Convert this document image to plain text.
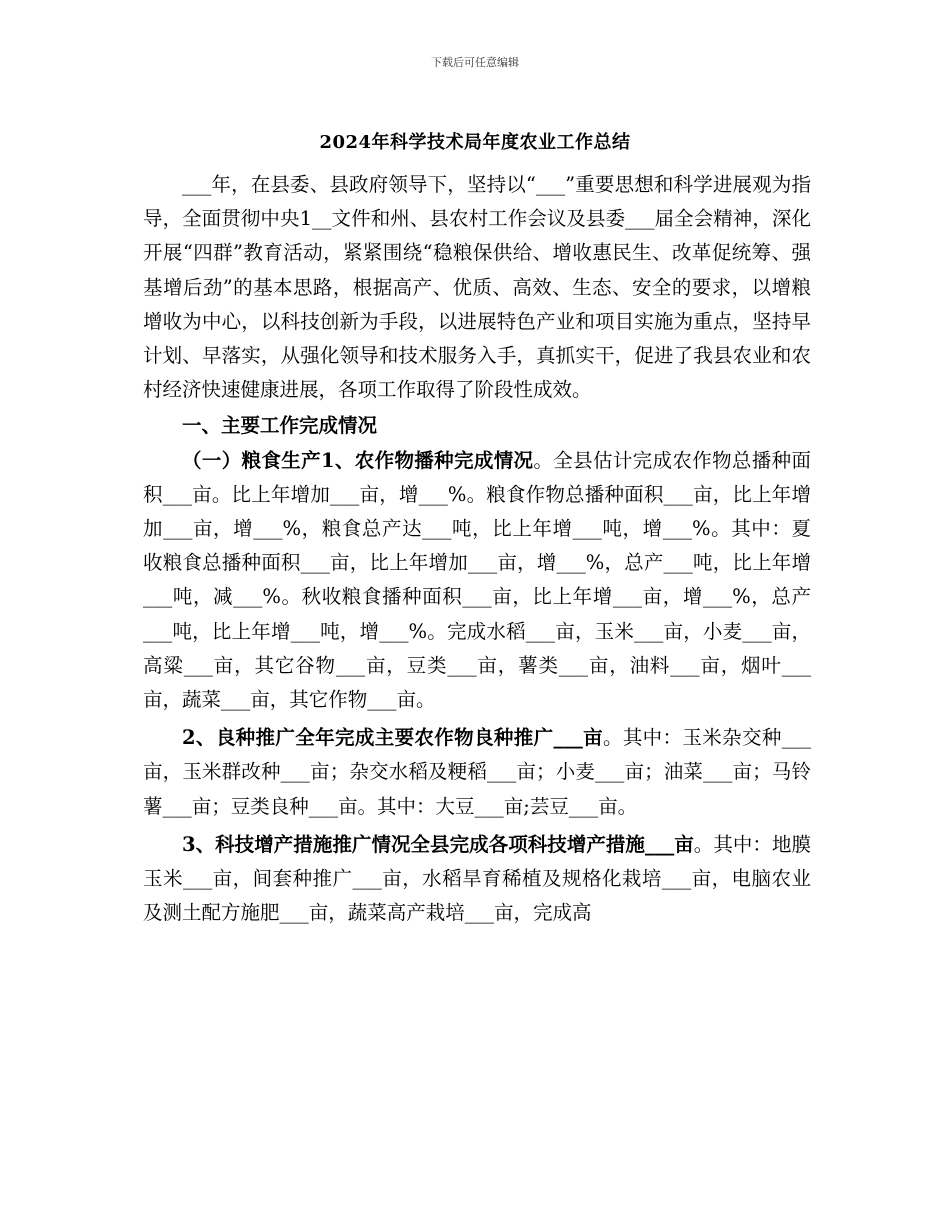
下载后可任意编辑
2024年科学技术局年度农业工作总结

___年，在县委、县政府领导下，坚持以“___”重要思想和科学进展观为指导，全面贯彻中央1__文件和州、县农村工作会议及县委___届全会精神，深化开展“四群”教育活动，紧紧围绕“稳粮保供给、增收惠民生、改革促统筹、强基增后劲”的基本思路，根据高产、优质、高效、生态、安全的要求，以增粮增收为中心，以科技创新为手段，以进展特色产业和项目实施为重点，坚持早计划、早落实，从强化领导和技术服务入手，真抓实干，促进了我县农业和农村经济快速健康进展，各项工作取得了阶段性成效。

一、主要工作完成情况

（一）粮食生产1、农作物播种完成情况。全县估计完成农作物总播种面积___亩。比上年增加___亩，增___%。粮食作物总播种面积___亩，比上年增加___亩，增___%，粮食总产达___吨，比上年增___吨，增___%。其中：夏收粮食总播种面积___亩，比上年增加___亩，增___%，总产___吨，比上年增___吨，减___%。秋收粮食播种面积___亩，比上年增___亩，增___%，总产___吨，比上年增___吨，增___%。完成水稻___亩，玉米___亩，小麦___亩，高粱___亩，其它谷物___亩，豆类___亩，薯类___亩，油料___亩，烟叶___亩，蔬菜___亩，其它作物___亩。

2、良种推广全年完成主要农作物良种推广___亩。其中：玉米杂交种___亩，玉米群改种___亩；杂交水稻及粳稻___亩；小麦___亩；油菜___亩；马铃薯___亩；豆类良种___亩。其中：大豆___亩;芸豆___亩。

3、科技增产措施推广情况全县完成各项科技增产措施___亩。其中：地膜玉米___亩，间套种推广___亩，水稻旱育稀植及规格化栽培___亩，电脑农业及测土配方施肥___亩，蔬菜高产栽培___亩，完成高
